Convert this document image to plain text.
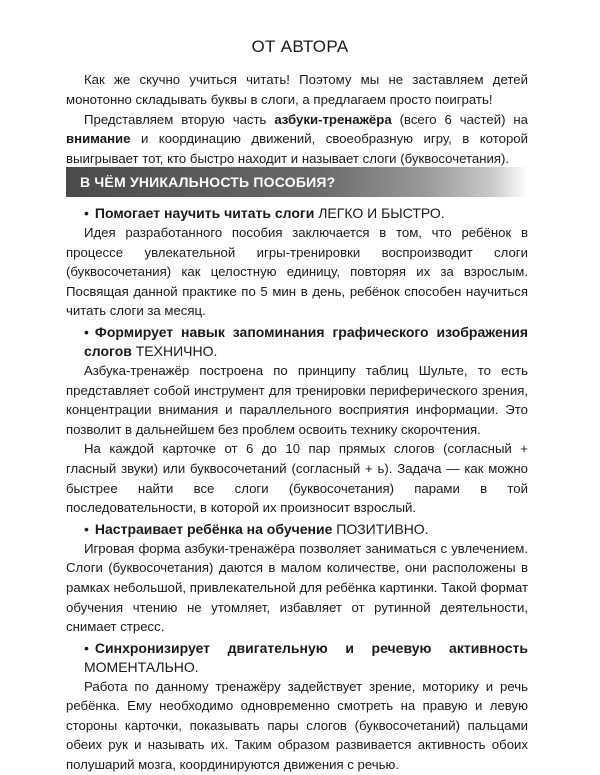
ОТ АВТОРА

Как же скучно учиться читать! Поэтому мы не заставляем детей монотонно складывать буквы в слоги, а предлагаем просто поиграть!

Представляем вторую часть азбуки-тренажёра (всего 6 частей) на внимание и координацию движений, своеобразную игру, в которой выигрывает тот, кто быстро находит и называет слоги (буквосочетания).

В ЧЁМ УНИКАЛЬНОСТЬ ПОСОБИЯ?

• Помогает научить читать слоги ЛЕГКО И БЫСТРО.

Идея разработанного пособия заключается в том, что ребёнок в процессе увлекательной игры-тренировки воспроизводит слоги (буквосочетания) как целостную единицу, повторяя их за взрослым. Посвящая данной практике по 5 мин в день, ребёнок способен научиться читать слоги за месяц.

• Формирует навык запоминания графического изображения слогов ТЕХНИЧНО.

Азбука-тренажёр построена по принципу таблиц Шульте, то есть представляет собой инструмент для тренировки периферического зрения, концентрации внимания и параллельного восприятия информации. Это позволит в дальнейшем без проблем освоить технику скорочтения.

На каждой карточке от 6 до 10 пар прямых слогов (согласный + гласный звуки) или буквосочетаний (согласный + ь). Задача — как можно быстрее найти все слоги (буквосочетания) парами в той последовательности, в которой их произносит взрослый.

• Настраивает ребёнка на обучение ПОЗИТИВНО.

Игровая форма азбуки-тренажёра позволяет заниматься с увлечением. Слоги (буквосочетания) даются в малом количестве, они расположены в рамках небольшой, привлекательной для ребёнка картинки. Такой формат обучения чтению не утомляет, избавляет от рутинной деятельности, снимает стресс.

• Синхронизирует двигательную и речевую активность МОМЕНТАЛЬНО.

Работа по данному тренажёру задействует зрение, моторику и речь ребёнка. Ему необходимо одновременно смотреть на правую и левую стороны карточки, показывать пары слогов (буквосочетаний) пальцами обеих рук и называть их. Таким образом развивается активность обоих полушарий мозга, координируются движения с речью.
